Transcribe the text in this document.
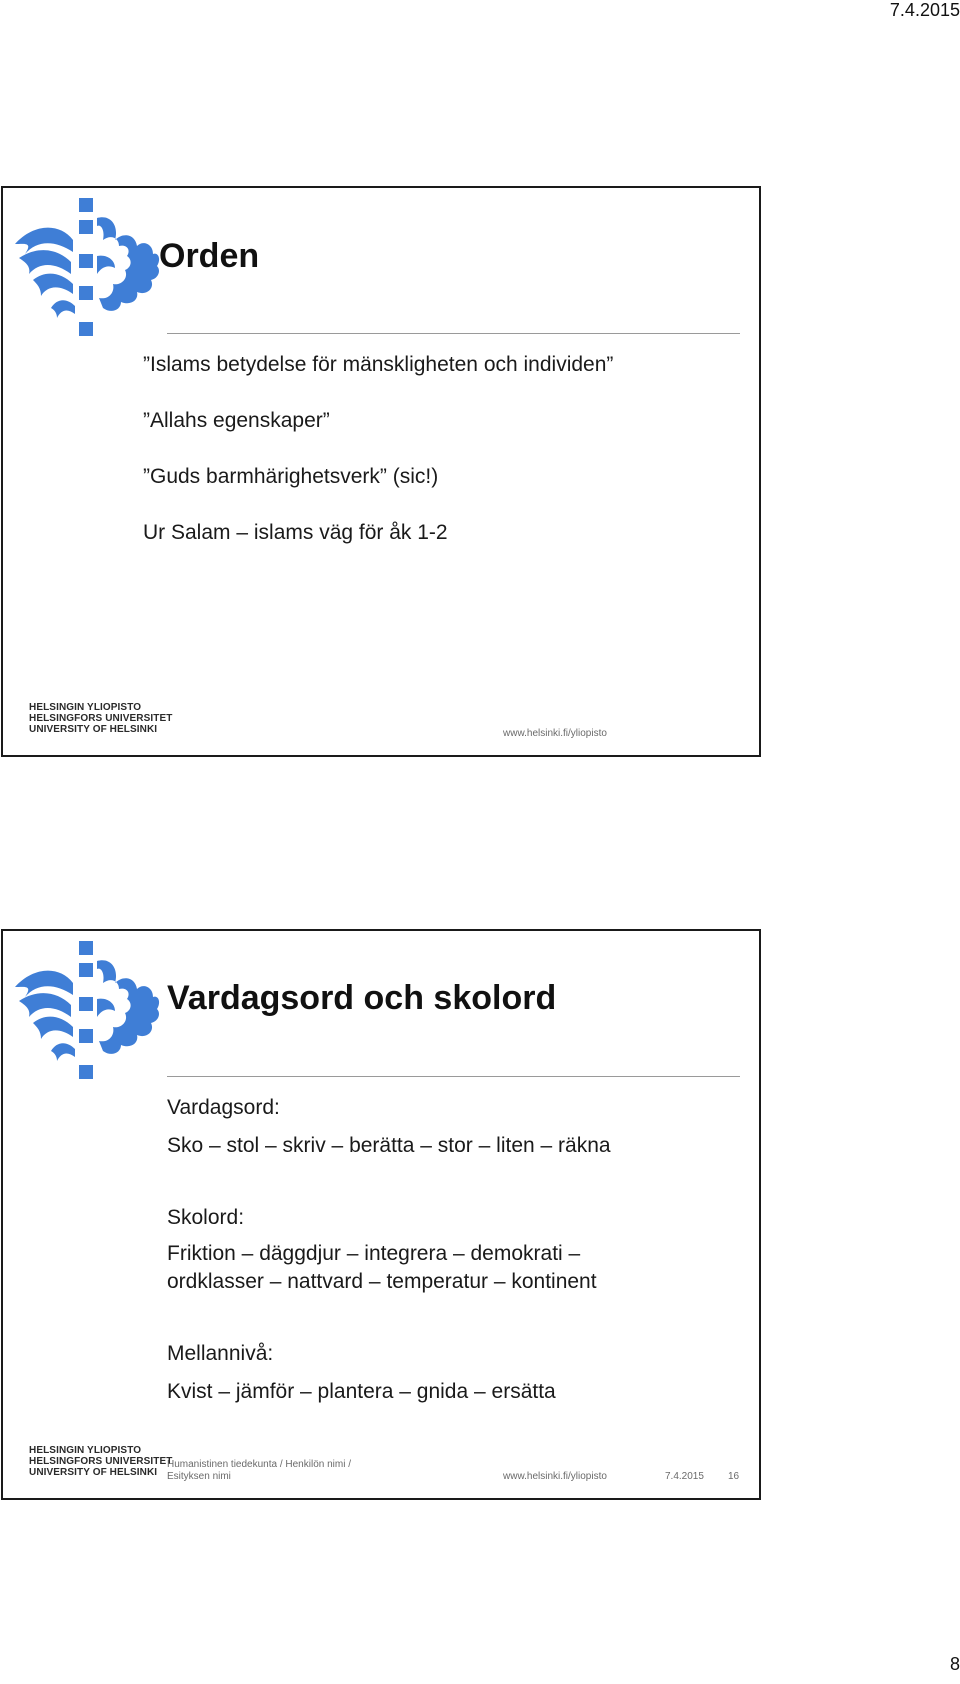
7.4.2015
Orden
”Islams betydelse för mänskligheten och individen”
”Allahs egenskaper”
”Guds barmhärighetsverk” (sic!)
Ur Salam – islams väg för åk 1-2
HELSINGIN YLIOPISTO
HELSINGFORS UNIVERSITET
UNIVERSITY OF HELSINKI	www.helsinki.fi/yliopisto
Vardagsord och skolord
Vardagsord:
Sko – stol – skriv – berätta – stor – liten – räkna
Skolord:
Friktion – däggdjur – integrera – demokrati –
ordklasser – nattvard – temperatur – kontinent
Mellannivå:
Kvist – jämför – plantera – gnida – ersätta
HELSINGIN YLIOPISTO
HELSINGFORS UNIVERSITET
UNIVERSITY OF HELSINKI
Humanistinen tiedekunta / Henkilön nimi /
Esityksen nimi	www.helsinki.fi/yliopisto	7.4.2015 16
8
